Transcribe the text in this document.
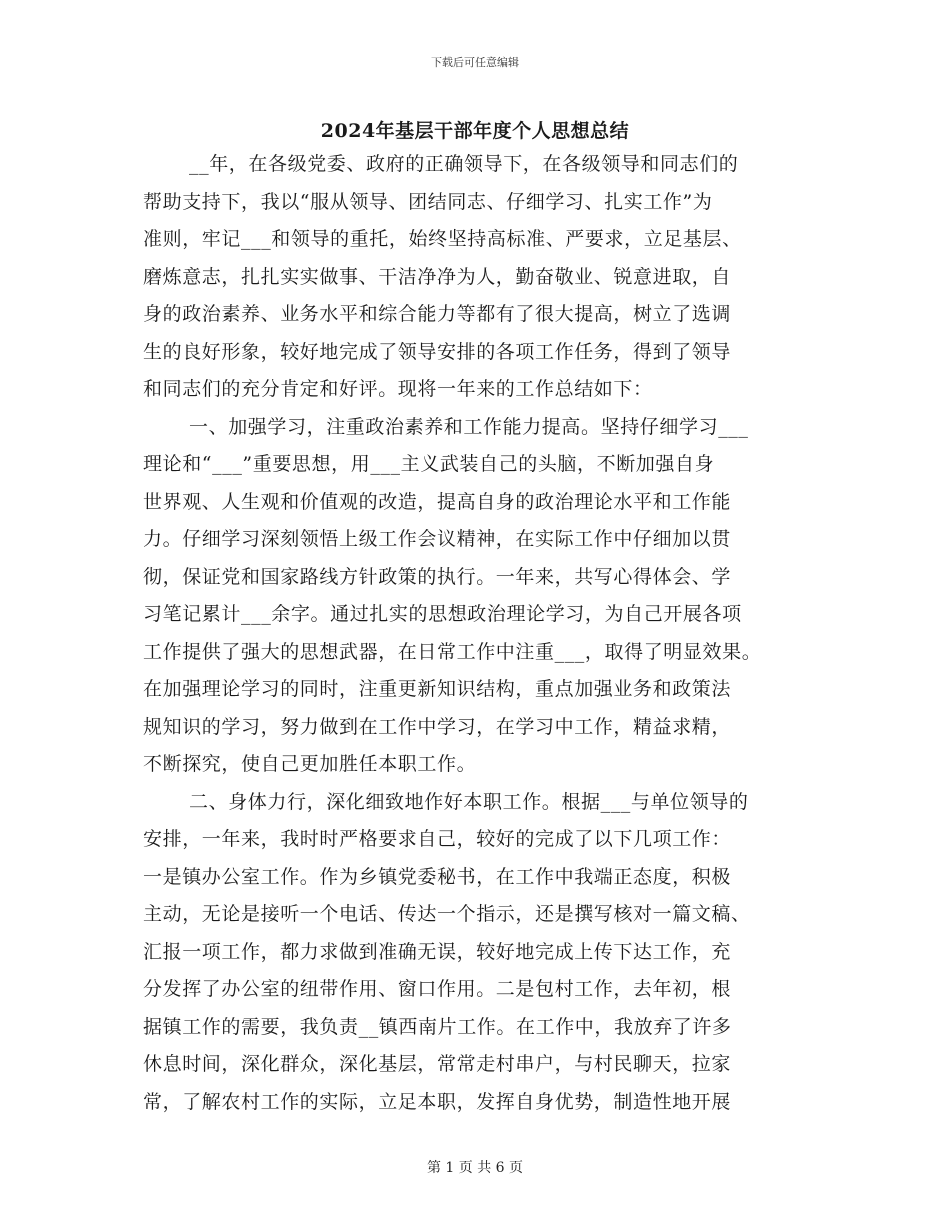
下载后可任意编辑
2024年基层干部年度个人思想总结
__年，在各级党委、政府的正确领导下，在各级领导和同志们的
帮助支持下，我以“服从领导、团结同志、仔细学习、扎实工作”为
准则，牢记___和领导的重托，始终坚持高标准、严要求，立足基层、
磨炼意志，扎扎实实做事、干洁净净为人，勤奋敬业、锐意进取，自
身的政治素养、业务水平和综合能力等都有了很大提高，树立了选调
生的良好形象，较好地完成了领导安排的各项工作任务，得到了领导
和同志们的充分肯定和好评。现将一年来的工作总结如下：
一、加强学习，注重政治素养和工作能力提高。坚持仔细学习___
理论和“___”重要思想，用___主义武装自己的头脑，不断加强自身
世界观、人生观和价值观的改造，提高自身的政治理论水平和工作能
力。仔细学习深刻领悟上级工作会议精神，在实际工作中仔细加以贯
彻，保证党和国家路线方针政策的执行。一年来，共写心得体会、学
习笔记累计___余字。通过扎实的思想政治理论学习，为自己开展各项
工作提供了强大的思想武器，在日常工作中注重___，取得了明显效果。
在加强理论学习的同时，注重更新知识结构，重点加强业务和政策法
规知识的学习，努力做到在工作中学习，在学习中工作，精益求精，
不断探究，使自己更加胜任本职工作。
二、身体力行，深化细致地作好本职工作。根据___与单位领导的
安排，一年来，我时时严格要求自己，较好的完成了以下几项工作：
一是镇办公室工作。作为乡镇党委秘书，在工作中我端正态度，积极
主动，无论是接听一个电话、传达一个指示，还是撰写核对一篇文稿、
汇报一项工作，都力求做到准确无误，较好地完成上传下达工作，充
分发挥了办公室的纽带作用、窗口作用。二是包村工作，去年初，根
据镇工作的需要，我负责__镇西南片工作。在工作中，我放弃了许多
休息时间，深化群众，深化基层，常常走村串户，与村民聊天，拉家
常，了解农村工作的实际，立足本职，发挥自身优势，制造性地开展
第 1 页 共 6 页
